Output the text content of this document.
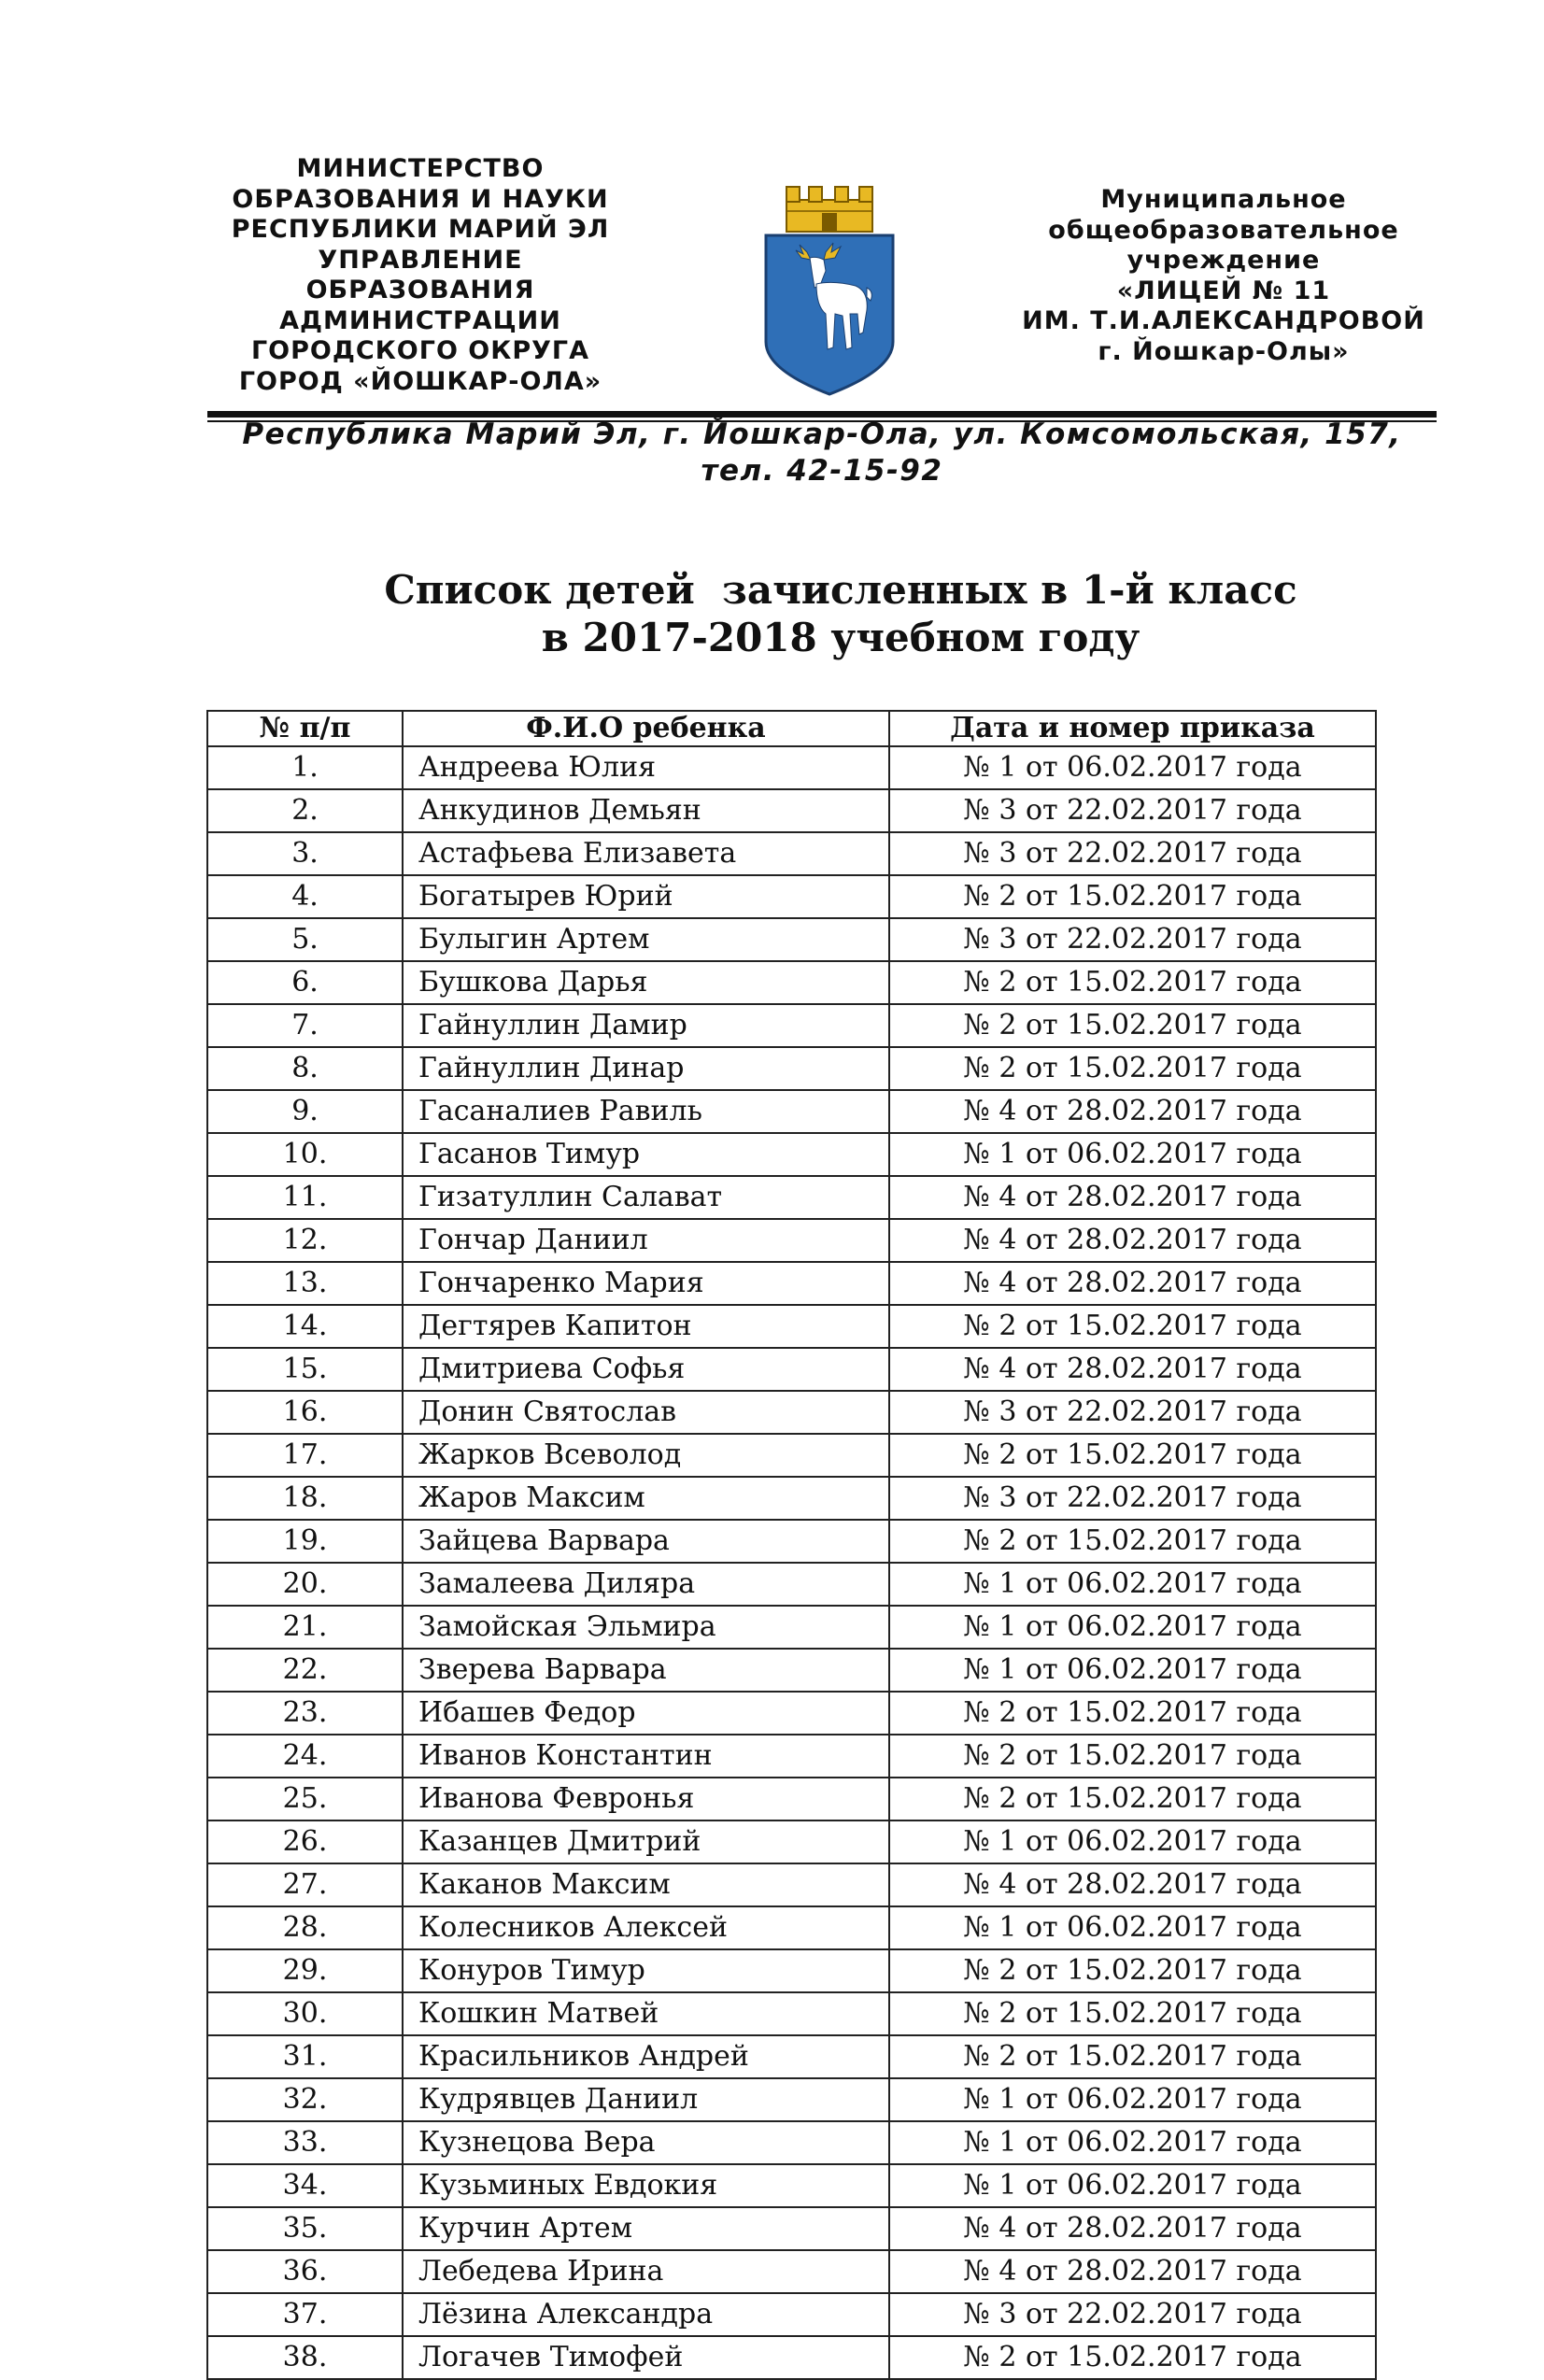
МИНИСТЕРСТВО
ОБРАЗОВАНИЯ И НАУКИ
РЕСПУБЛИКИ МАРИЙ ЭЛ
УПРАВЛЕНИЕ
ОБРАЗОВАНИЯ
АДМИНИСТРАЦИИ
ГОРОДСКОГО ОКРУГА
ГОРОД «ЙОШКАР-ОЛА»
Муниципальное
общеобразовательное
учреждение
«ЛИЦЕЙ № 11
ИМ. Т.И.АЛЕКСАНДРОВОЙ
г. Йошкар-Олы»
Республика Марий Эл, г. Йошкар-Ола, ул. Комсомольская, 157,
тел. 42-15-92
Список детей  зачисленных в 1-й класс
в 2017-2018 учебном году
№ п/п	Ф.И.О ребенка	Дата и номер приказа
1.	Андреева Юлия	№ 1 от 06.02.2017 года
2.	Анкудинов Демьян	№ 3 от 22.02.2017 года
3.	Астафьева Елизавета	№ 3 от 22.02.2017 года
4.	Богатырев Юрий	№ 2 от 15.02.2017 года
5.	Булыгин Артем	№ 3 от 22.02.2017 года
6.	Бушкова Дарья	№ 2 от 15.02.2017 года
7.	Гайнуллин Дамир	№ 2 от 15.02.2017 года
8.	Гайнуллин Динар	№ 2 от 15.02.2017 года
9.	Гасаналиев Равиль	№ 4 от 28.02.2017 года
10.	Гасанов Тимур	№ 1 от 06.02.2017 года
11.	Гизатуллин Салават	№ 4 от 28.02.2017 года
12.	Гончар Даниил	№ 4 от 28.02.2017 года
13.	Гончаренко Мария	№ 4 от 28.02.2017 года
14.	Дегтярев Капитон	№ 2 от 15.02.2017 года
15.	Дмитриева Софья	№ 4 от 28.02.2017 года
16.	Донин Святослав	№ 3 от 22.02.2017 года
17.	Жарков Всеволод	№ 2 от 15.02.2017 года
18.	Жаров Максим	№ 3 от 22.02.2017 года
19.	Зайцева Варвара	№ 2 от 15.02.2017 года
20.	Замалеева Диляра	№ 1 от 06.02.2017 года
21.	Замойская Эльмира	№ 1 от 06.02.2017 года
22.	Зверева Варвара	№ 1 от 06.02.2017 года
23.	Ибашев Федор	№ 2 от 15.02.2017 года
24.	Иванов Константин	№ 2 от 15.02.2017 года
25.	Иванова Февронья	№ 2 от 15.02.2017 года
26.	Казанцев Дмитрий	№ 1 от 06.02.2017 года
27.	Каканов Максим	№ 4 от 28.02.2017 года
28.	Колесников Алексей	№ 1 от 06.02.2017 года
29.	Конуров Тимур	№ 2 от 15.02.2017 года
30.	Кошкин Матвей	№ 2 от 15.02.2017 года
31.	Красильников Андрей	№ 2 от 15.02.2017 года
32.	Кудрявцев Даниил	№ 1 от 06.02.2017 года
33.	Кузнецова Вера	№ 1 от 06.02.2017 года
34.	Кузьминых Евдокия	№ 1 от 06.02.2017 года
35.	Курчин Артем	№ 4 от 28.02.2017 года
36.	Лебедева Ирина	№ 4 от 28.02.2017 года
37.	Лёзина Александра	№ 3 от 22.02.2017 года
38.	Логачев Тимофей	№ 2 от 15.02.2017 года
